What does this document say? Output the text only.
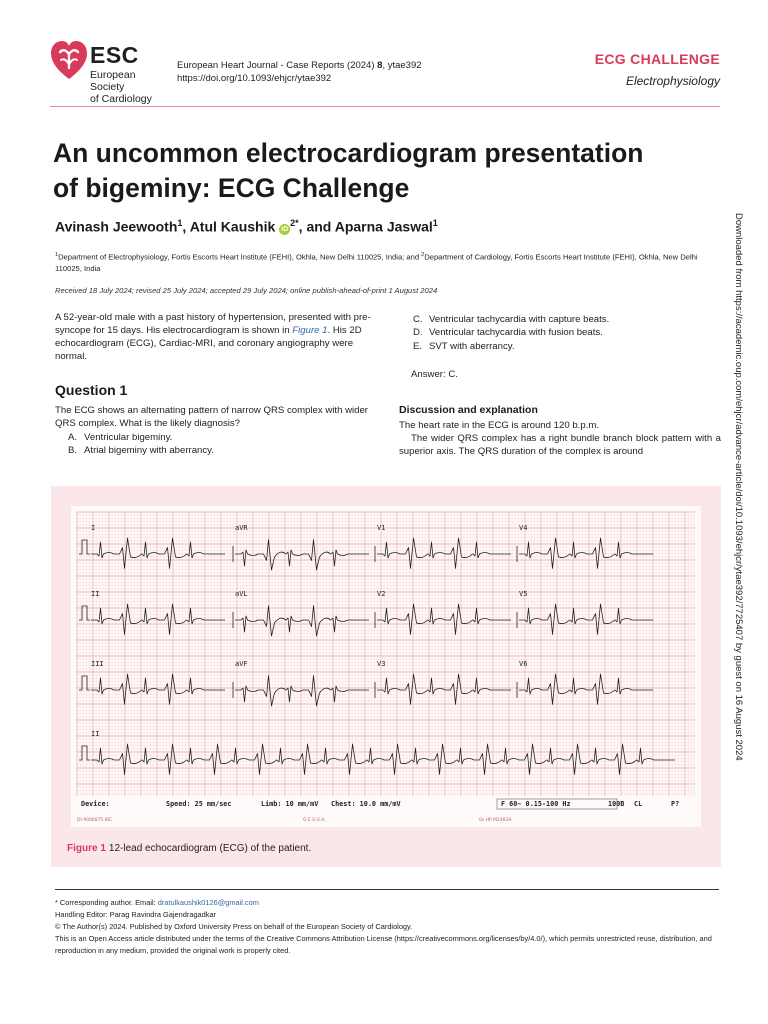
ESC
European Society
of Cardiology
European Heart Journal - Case Reports (2024) 8, ytae392
https://doi.org/10.1093/ehjcr/ytae392
ECG CHALLENGE
Electrophysiology
An uncommon electrocardiogram presentation
of bigeminy: ECG Challenge
Avinash Jeewooth$^1$, Atul Kaushik $iD^{2*}$, and Aparna Jaswal$^1$
$^1$Department of Electrophysiology, Fortis Escorts Heart Institute (FEHI), Okhla, New Delhi 110025, India; and $^2$Department of Cardiology, Fortis Escorts Heart Institute (FEHI), Okhla, New Delhi 110025, India
Received 18 July 2024; revised 25 July 2024; accepted 29 July 2024; online publish-ahead-of-print 1 August 2024
A 52-year-old male with a past history of hypertension, presented with pre-syncope for 15 days. His electrocardiogram is shown in Figure 1. His 2D echocardiogram (ECG), Cardiac-MRI, and coronary angiography were normal.
Question 1
The ECG shows an alternating pattern of narrow QRS complex with wider QRS complex. What is the likely diagnosis?
A. Ventricular bigeminy.
B. Atrial bigeminy with aberrancy.
C. Ventricular tachycardia with capture beats.
D. Ventricular tachycardia with fusion beats.
E. SVT with aberrancy.
Answer: C.
Discussion and explanation
The heart rate in the ECG is around 120 b.p.m.
The wider QRS complex has a right bundle branch block pattern with a superior axis. The QRS duration of the complex is around
I	aVR	V1	V4
II	aVL	V2	V5
III	aVF	V3	V6
II
Device:	Speed: 25 mm/sec	Limb: 10 mm/mV Chest: 10.0 mm/mV	F 60~ 0.15-100 Hz	100B CL	P?
DI 9000075 BIC	O E U.S.A.	0s HP M2483A
Figure 1 12-lead echocardiogram (ECG) of the patient.
* Corresponding author. Email: dratulkaushik0126@gmail.com
Handling Editor: Parag Ravindra Gajendragadkar
© The Author(s) 2024. Published by Oxford University Press on behalf of the European Society of Cardiology.
This is an Open Access article distributed under the terms of the Creative Commons Attribution License (https://creativecommons.org/licenses/by/4.0/), which permits unrestricted reuse, distribution, and reproduction in any medium, provided the original work is properly cited.
Downloaded from https://academic.oup.com/ehjcr/advance-article/doi/10.1093/ehjcr/ytae392/7725407 by guest on 16 August 2024
